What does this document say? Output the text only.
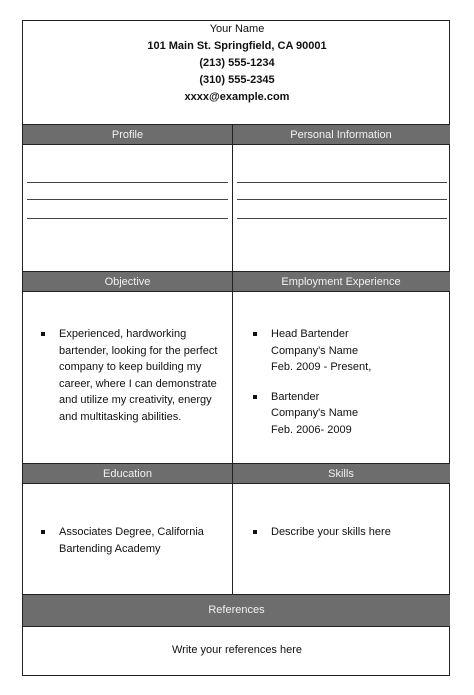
Your Name
101 Main St. Springfield, CA 90001
(213) 555-1234
(310) 555-2345
xxxx@example.com
Profile	Personal Information
Objective	Employment Experience
Experienced, hardworking bartender, looking for the perfect company to keep building my career, where I can demonstrate and utilize my creativity, energy and multitasking abilities.
Head Bartender
Company's Name
Feb. 2009 - Present,
Bartender
Company's Name
Feb. 2006- 2009
Education	Skills
Associates Degree, California Bartending Academy
Describe your skills here
References
Write your references here
